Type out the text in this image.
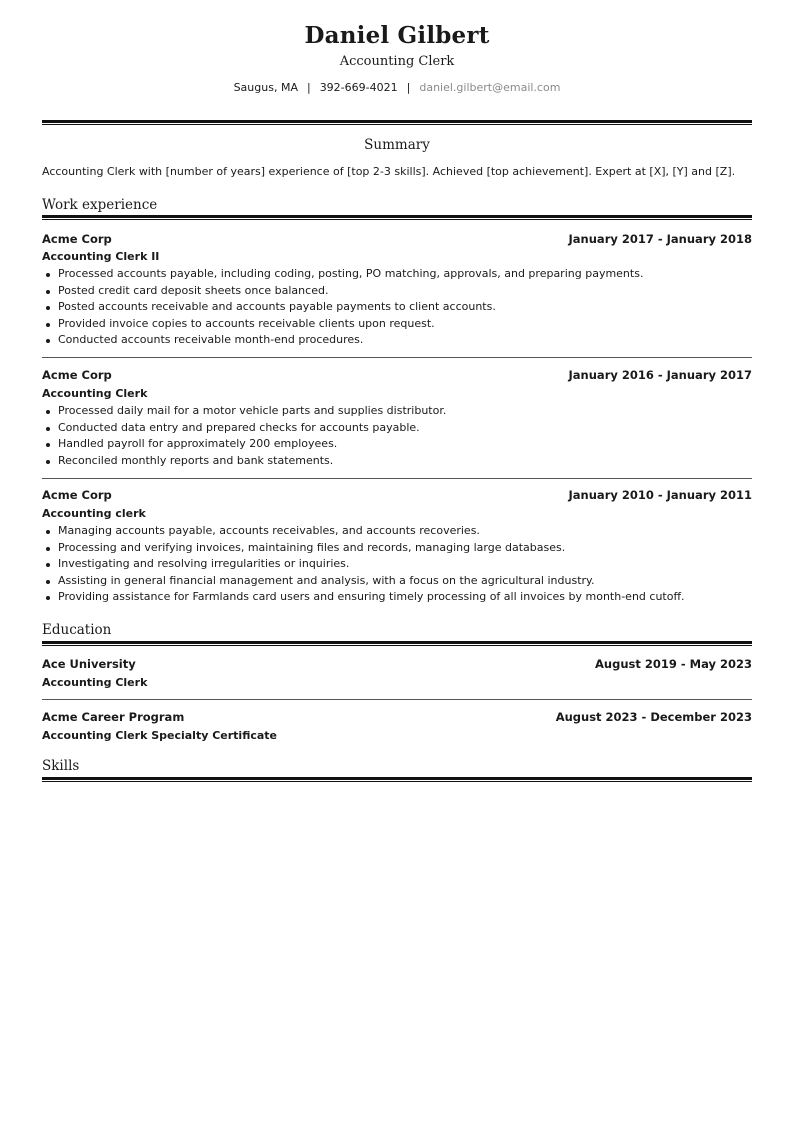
Daniel Gilbert
Accounting Clerk
Saugus, MA | 392-669-4021 | daniel.gilbert@email.com
Summary
Accounting Clerk with [number of years] experience of [top 2-3 skills]. Achieved [top achievement]. Expert at [X], [Y] and [Z].
Work experience
Acme Corp	January 2017 - January 2018
Accounting Clerk II
Processed accounts payable, including coding, posting, PO matching, approvals, and preparing payments.
Posted credit card deposit sheets once balanced.
Posted accounts receivable and accounts payable payments to client accounts.
Provided invoice copies to accounts receivable clients upon request.
Conducted accounts receivable month-end procedures.
Acme Corp	January 2016 - January 2017
Accounting Clerk
Processed daily mail for a motor vehicle parts and supplies distributor.
Conducted data entry and prepared checks for accounts payable.
Handled payroll for approximately 200 employees.
Reconciled monthly reports and bank statements.
Acme Corp	January 2010 - January 2011
Accounting clerk
Managing accounts payable, accounts receivables, and accounts recoveries.
Processing and verifying invoices, maintaining files and records, managing large databases.
Investigating and resolving irregularities or inquiries.
Assisting in general financial management and analysis, with a focus on the agricultural industry.
Providing assistance for Farmlands card users and ensuring timely processing of all invoices by month-end cutoff.
Education
Ace University	August 2019 - May 2023
Accounting Clerk
Acme Career Program	August 2023 - December 2023
Accounting Clerk Specialty Certificate
Skills
